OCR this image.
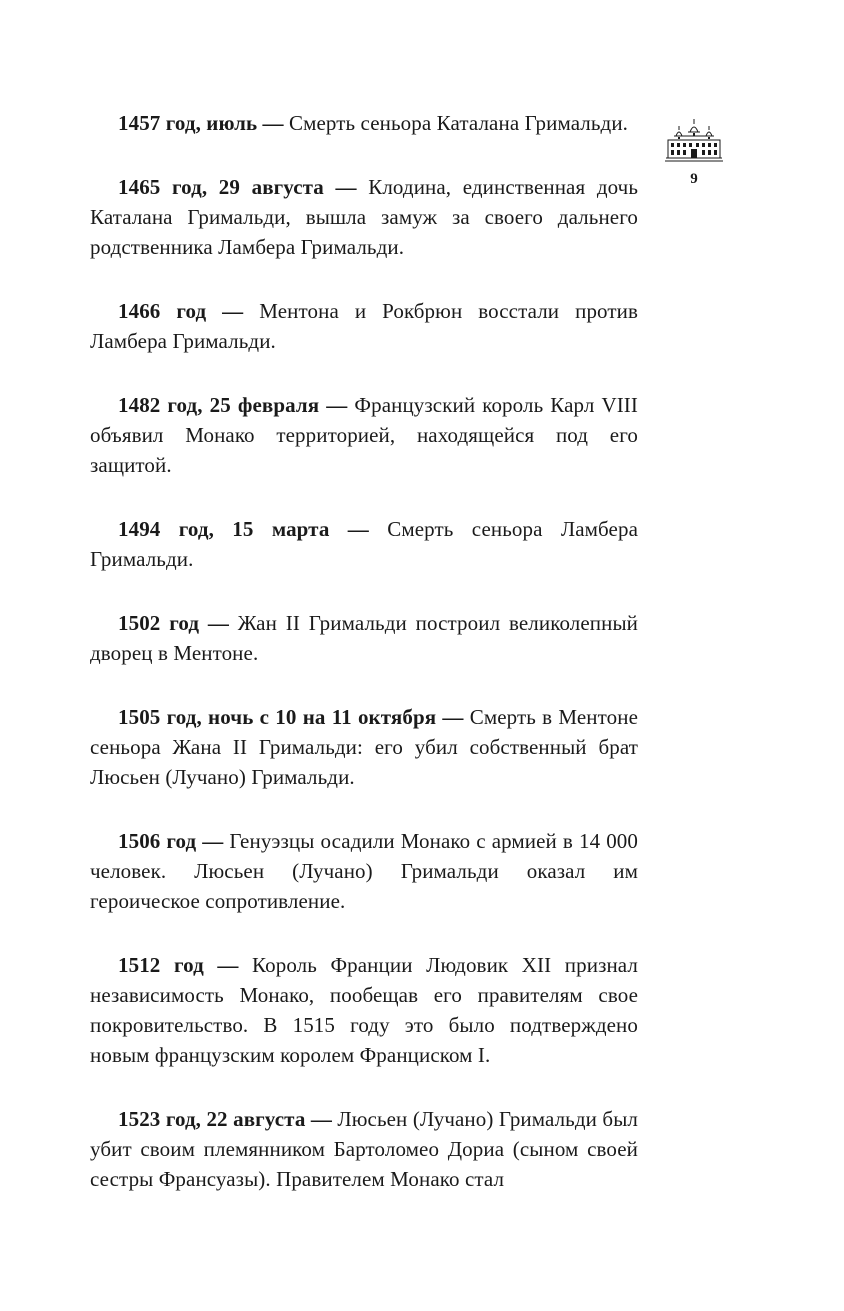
1457 год, июль — Смерть сеньора Каталана Гримальди.

1465 год, 29 августа — Клодина, единственная дочь Каталана Гримальди, вышла замуж за своего дальнего родственника Ламбера Гримальди.

1466 год — Ментона и Рокбрюн восстали против Ламбера Гримальди.

1482 год, 25 февраля — Французский король Карл VIII объявил Монако территорией, находящейся под его защитой.

1494 год, 15 марта — Смерть сеньора Ламбера Гримальди.

1502 год — Жан II Гримальди построил великолепный дворец в Ментоне.

1505 год, ночь с 10 на 11 октября — Смерть в Ментоне сеньора Жана II Гримальди: его убил собственный брат Люсьен (Лучано) Гримальди.

1506 год — Генуэзцы осадили Монако с армией в 14 000 человек. Люсьен (Лучано) Гримальди оказал им героическое сопротивление.

1512 год — Король Франции Людовик XII признал независимость Монако, пообещав его правителям свое покровительство. В 1515 году это было подтверждено новым французским королем Франциском I.

1523 год, 22 августа — Люсьен (Лучано) Гримальди был убит своим племянником Бартоломео Дориа (сыном своей сестры Франсуазы). Правителем Монако стал

9
